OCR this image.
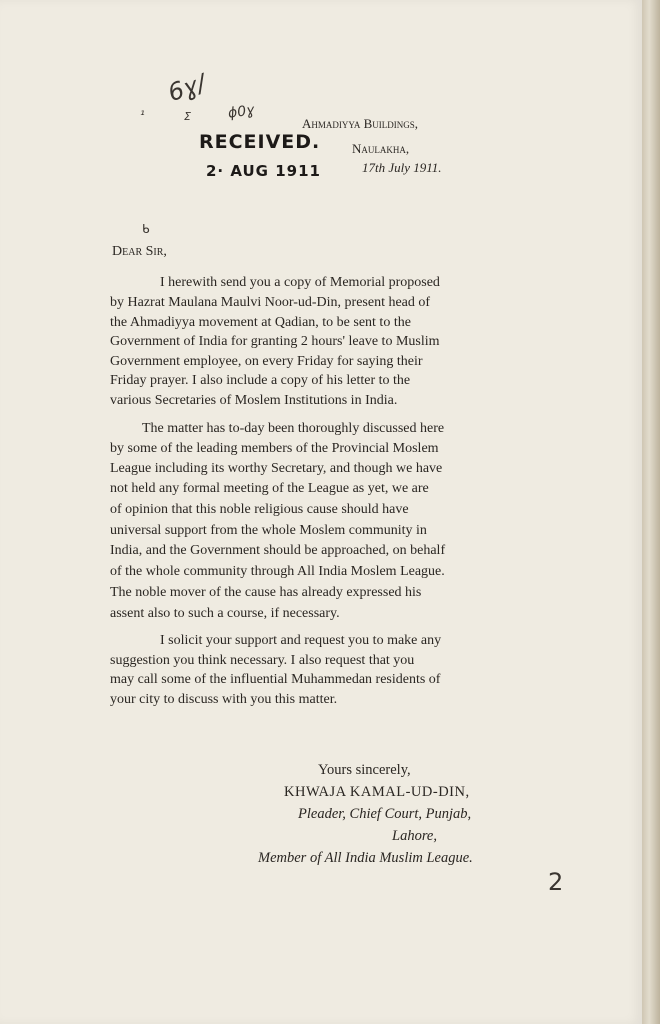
6ɣ/
ɸ0ɣ
Σ
¹
RECEIVED.
2· AUG 1911
Ahmadiyya Buildings,
Naulakha,
17th July 1911.
ᑲ
Dear Sir,
I herewith send you a copy of Memorial proposed
by Hazrat Maulana Maulvi Noor-ud-Din, present head of
the Ahmadiyya movement at Qadian, to be sent to the
Government of India for granting 2 hours' leave to Muslim
Government employee, on every Friday for saying their
Friday prayer. I also include a copy of his letter to the
various Secretaries of Moslem Institutions in India.
The matter has to-day been thoroughly discussed here
by some of the leading members of the Provincial Moslem
League including its worthy Secretary, and though we have
not held any formal meeting of the League as yet, we are
of opinion that this noble religious cause should have
universal support from the whole Moslem community in
India, and the Government should be approached, on behalf
of the whole community through All India Moslem League.
The noble mover of the cause has already expressed his
assent also to such a course, if necessary.
I solicit your support and request you to make any
suggestion you think necessary. I also request that you
may call some of the influential Muhammedan residents of
your city to discuss with you this matter.
Yours sincerely,
KHWAJA KAMAL-UD-DIN,
Pleader, Chief Court, Punjab,
Lahore,
Member of All India Muslim League.
2
